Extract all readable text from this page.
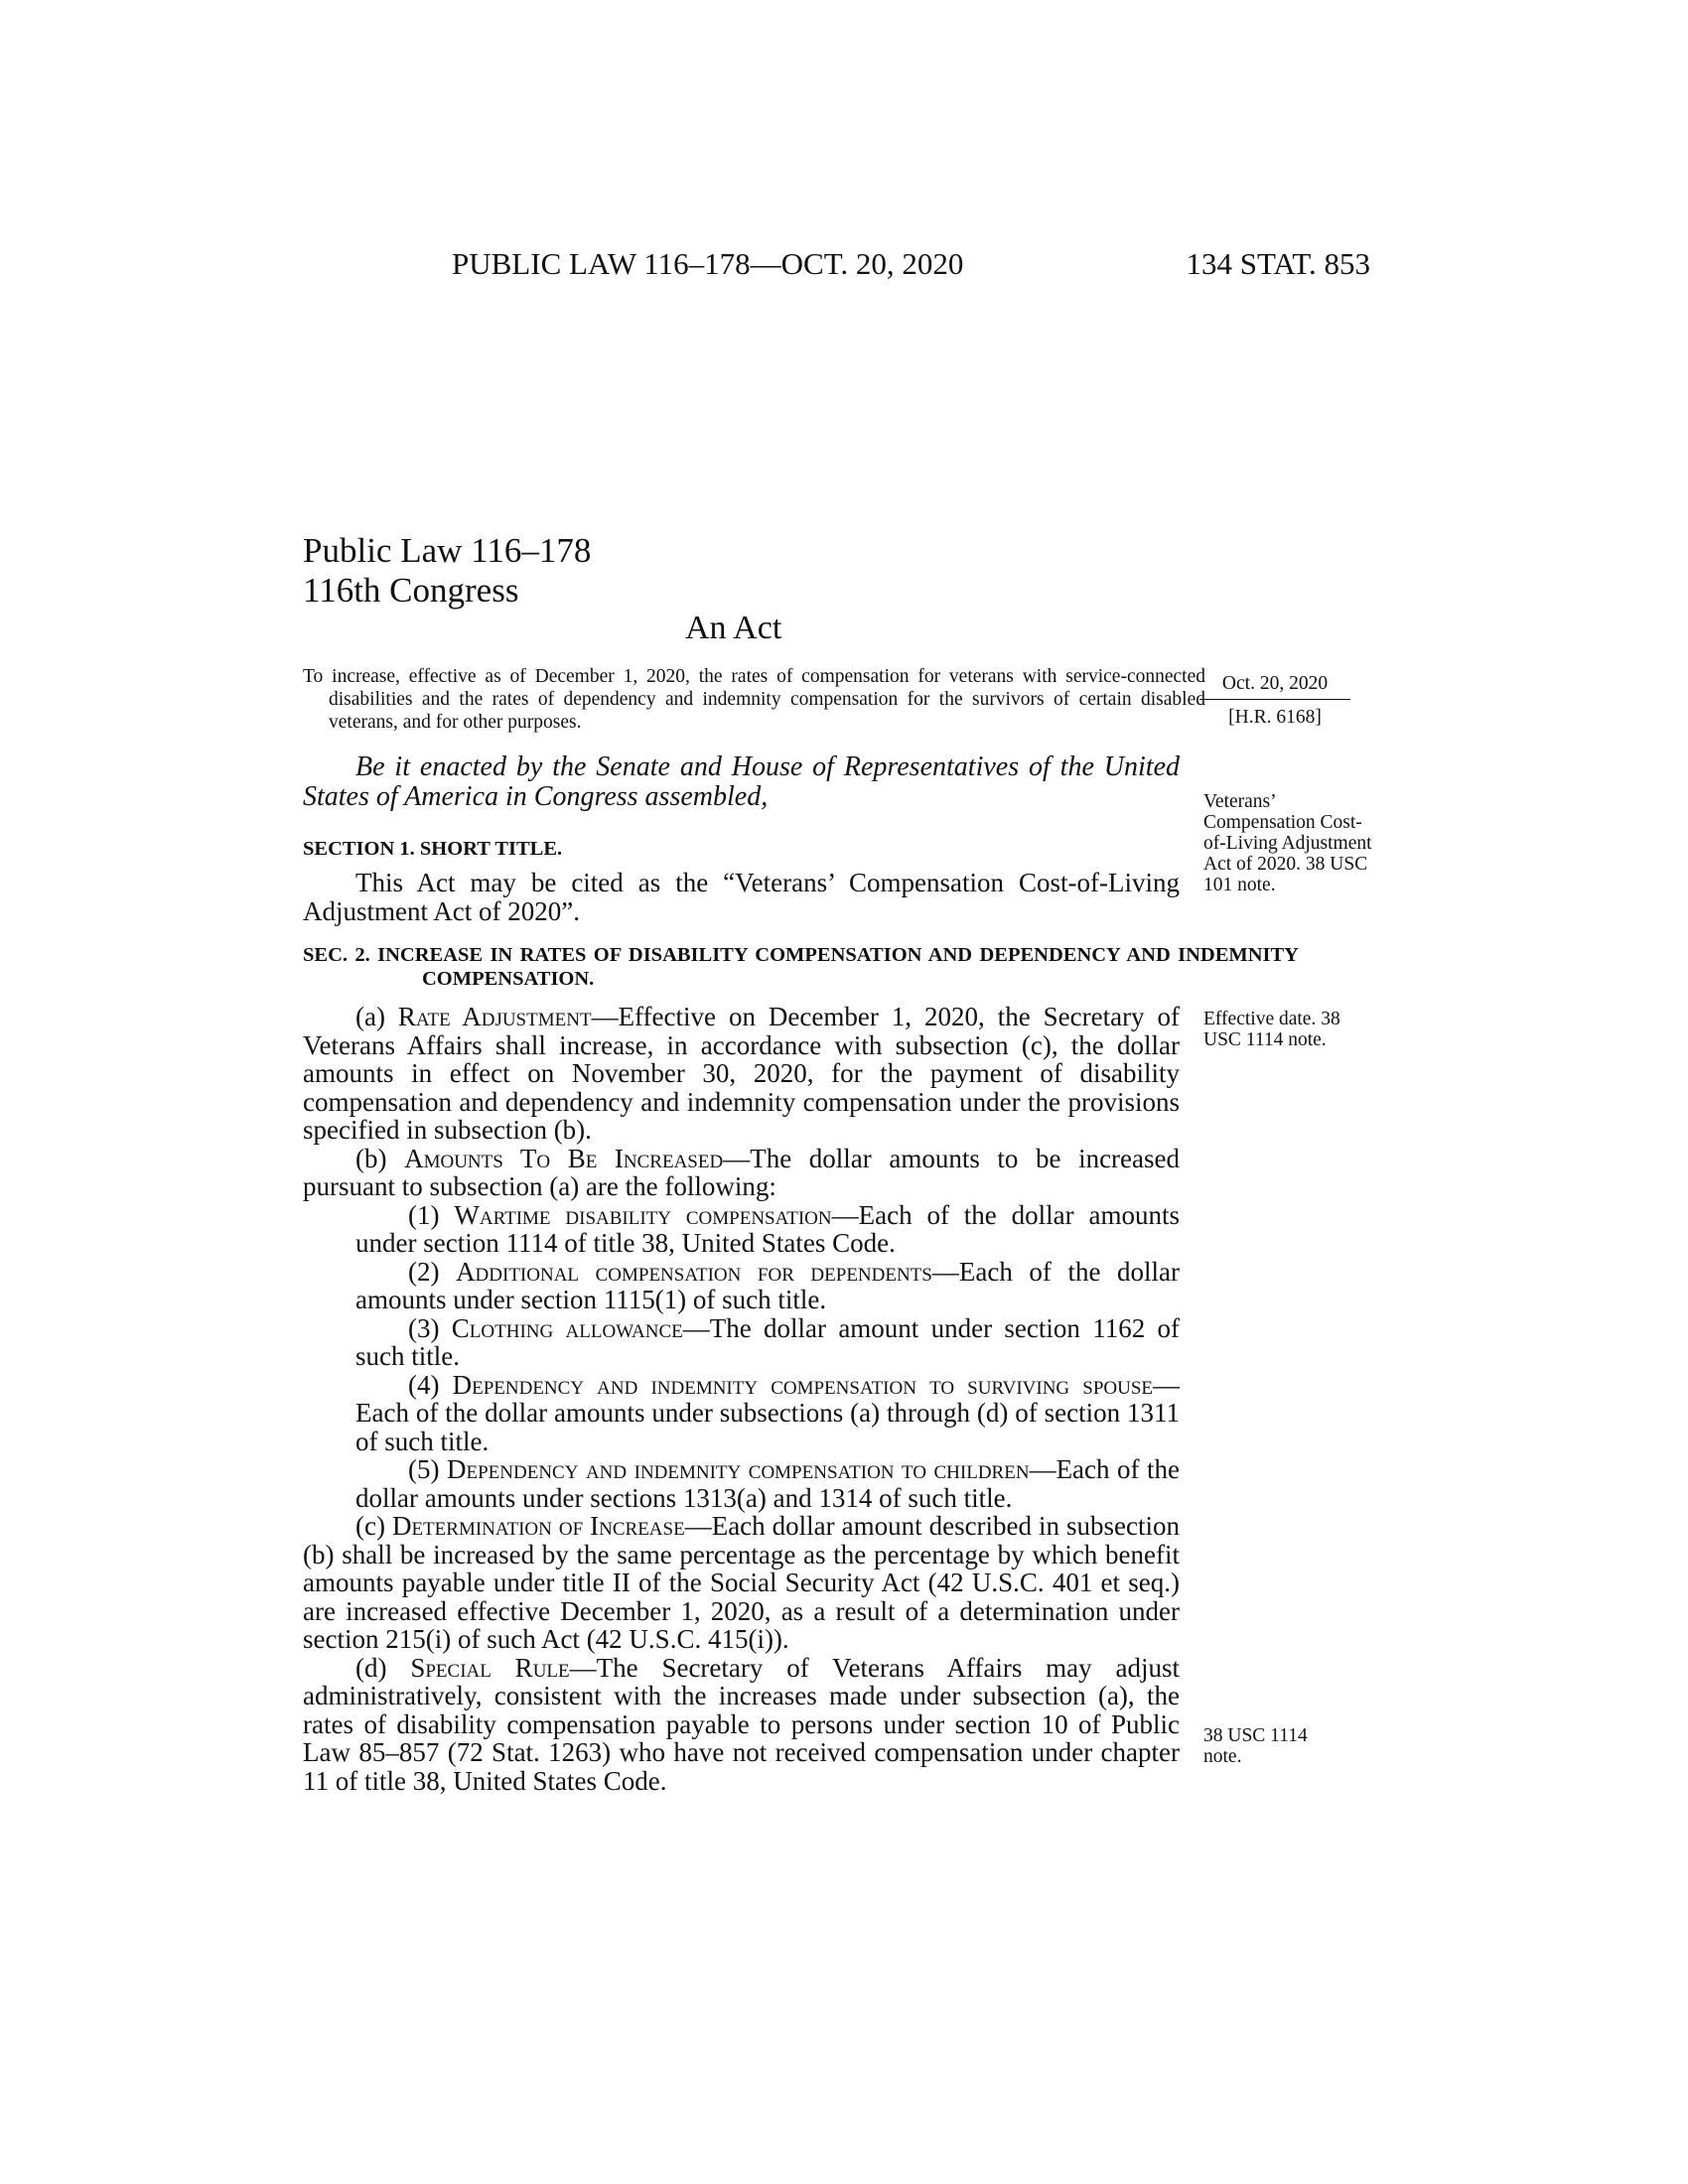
PUBLIC LAW 116–178—OCT. 20, 2020	134 STAT. 853
Public Law 116–178
116th Congress
An Act
To increase, effective as of December 1, 2020, the rates of compensation for veterans with service-connected disabilities and the rates of dependency and indemnity compensation for the survivors of certain disabled veterans, and for other purposes.
Oct. 20, 2020
[H.R. 6168]
Be it enacted by the Senate and House of Representatives of the United States of America in Congress assembled,
SECTION 1. SHORT TITLE.

This Act may be cited as the “Veterans’ Compensation Cost-of-Living Adjustment Act of 2020”.

Veterans’ Compensation Cost-of-Living Adjustment Act of 2020. 38 USC 101 note.
SEC. 2. INCREASE IN RATES OF DISABILITY COMPENSATION AND DEPENDENCY AND INDEMNITY COMPENSATION.

(a) Rate Adjustment—Effective on December 1, 2020, the Secretary of Veterans Affairs shall increase, in accordance with subsection (c), the dollar amounts in effect on November 30, 2020, for the payment of disability compensation and dependency and indemnity compensation under the provisions specified in subsection (b).

(b) Amounts To Be Increased—The dollar amounts to be increased pursuant to subsection (a) are the following:

(1) Wartime disability compensation—Each of the dollar amounts under section 1114 of title 38, United States Code.

(2) Additional compensation for dependents—Each of the dollar amounts under section 1115(1) of such title.

(3) Clothing allowance—The dollar amount under section 1162 of such title.

(4) Dependency and indemnity compensation to surviving spouse—Each of the dollar amounts under subsections (a) through (d) of section 1311 of such title.

(5) Dependency and indemnity compensation to children—Each of the dollar amounts under sections 1313(a) and 1314 of such title.

(c) Determination of Increase—Each dollar amount described in subsection (b) shall be increased by the same percentage as the percentage by which benefit amounts payable under title II of the Social Security Act (42 U.S.C. 401 et seq.) are increased effective December 1, 2020, as a result of a determination under section 215(i) of such Act (42 U.S.C. 415(i)).

(d) Special Rule—The Secretary of Veterans Affairs may adjust administratively, consistent with the increases made under subsection (a), the rates of disability compensation payable to persons under section 10 of Public Law 85–857 (72 Stat. 1263) who have not received compensation under chapter 11 of title 38, United States Code.

Effective date. 38 USC 1114 note.
38 USC 1114 note.
